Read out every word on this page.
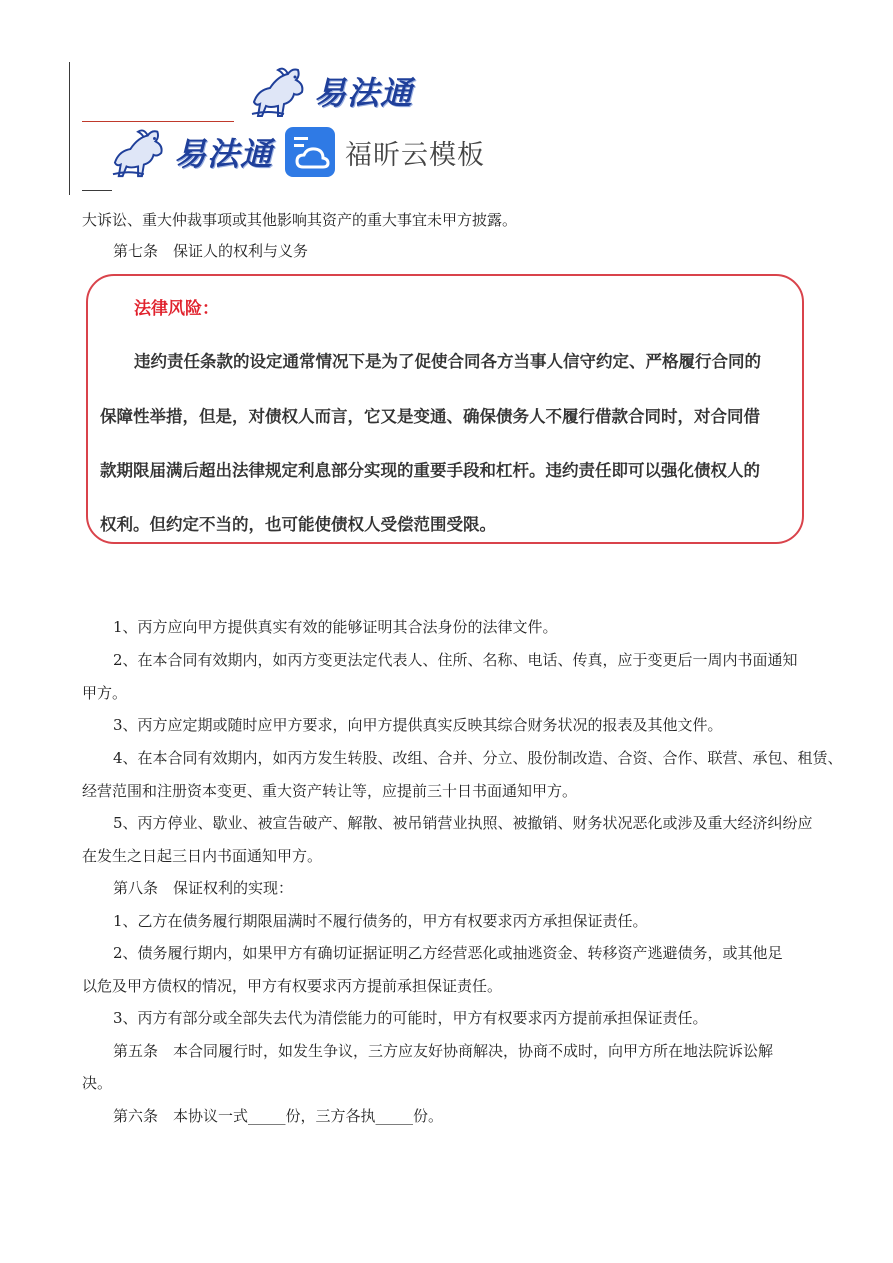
易法通
易法通	福昕云模板
大诉讼、重大仲裁事项或其他影响其资产的重大事宜未甲方披露。
第七条　保证人的权利与义务
法律风险：
违约责任条款的设定通常情况下是为了促使合同各方当事人信守约定、严格履行合同的
保障性举措，但是，对债权人而言，它又是变通、确保债务人不履行借款合同时，对合同借
款期限届满后超出法律规定利息部分实现的重要手段和杠杆。违约责任即可以强化债权人的
权利。但约定不当的，也可能使债权人受偿范围受限。
1、丙方应向甲方提供真实有效的能够证明其合法身份的法律文件。
2、在本合同有效期内，如丙方变更法定代表人、住所、名称、电话、传真，应于变更后一周内书面通知
甲方。
3、丙方应定期或随时应甲方要求，向甲方提供真实反映其综合财务状况的报表及其他文件。
4、在本合同有效期内，如丙方发生转股、改组、合并、分立、股份制改造、合资、合作、联营、承包、租赁、
经营范围和注册资本变更、重大资产转让等，应提前三十日书面通知甲方。
5、丙方停业、歇业、被宣告破产、解散、被吊销营业执照、被撤销、财务状况恶化或涉及重大经济纠纷应
在发生之日起三日内书面通知甲方。
第八条　保证权利的实现：
1、乙方在债务履行期限届满时不履行债务的，甲方有权要求丙方承担保证责任。
2、债务履行期内，如果甲方有确切证据证明乙方经营恶化或抽逃资金、转移资产逃避债务，或其他足
以危及甲方债权的情况，甲方有权要求丙方提前承担保证责任。
3、丙方有部分或全部失去代为清偿能力的可能时，甲方有权要求丙方提前承担保证责任。
第五条　本合同履行时，如发生争议，三方应友好协商解决，协商不成时，向甲方所在地法院诉讼解
决。
第六条　本协议一式_____份，三方各执_____份。
